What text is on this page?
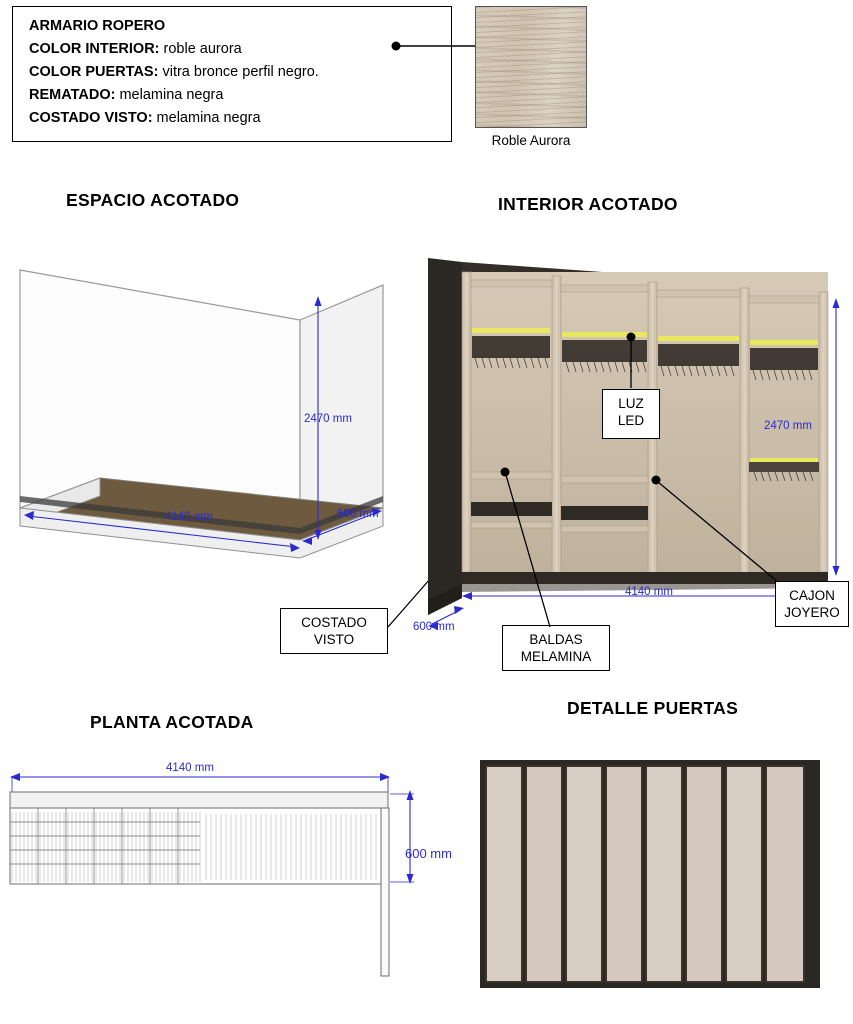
ARMARIO ROPERO
COLOR INTERIOR: roble aurora
COLOR PUERTAS: vitra bronce perfil negro.
REMATADO: melamina negra
COSTADO VISTO: melamina negra
Roble Aurora
ESPACIO ACOTADO	INTERIOR ACOTADO
PLANTA ACOTADA
DETALLE PUERTAS
2470 mm
4140 mm	600 mm
COSTADO
VISTO
2470 mm
4140 mm
600 mm
LUZ
LED
BALDAS
MELAMINA
CAJON
JOYERO
4140 mm
600 mm
